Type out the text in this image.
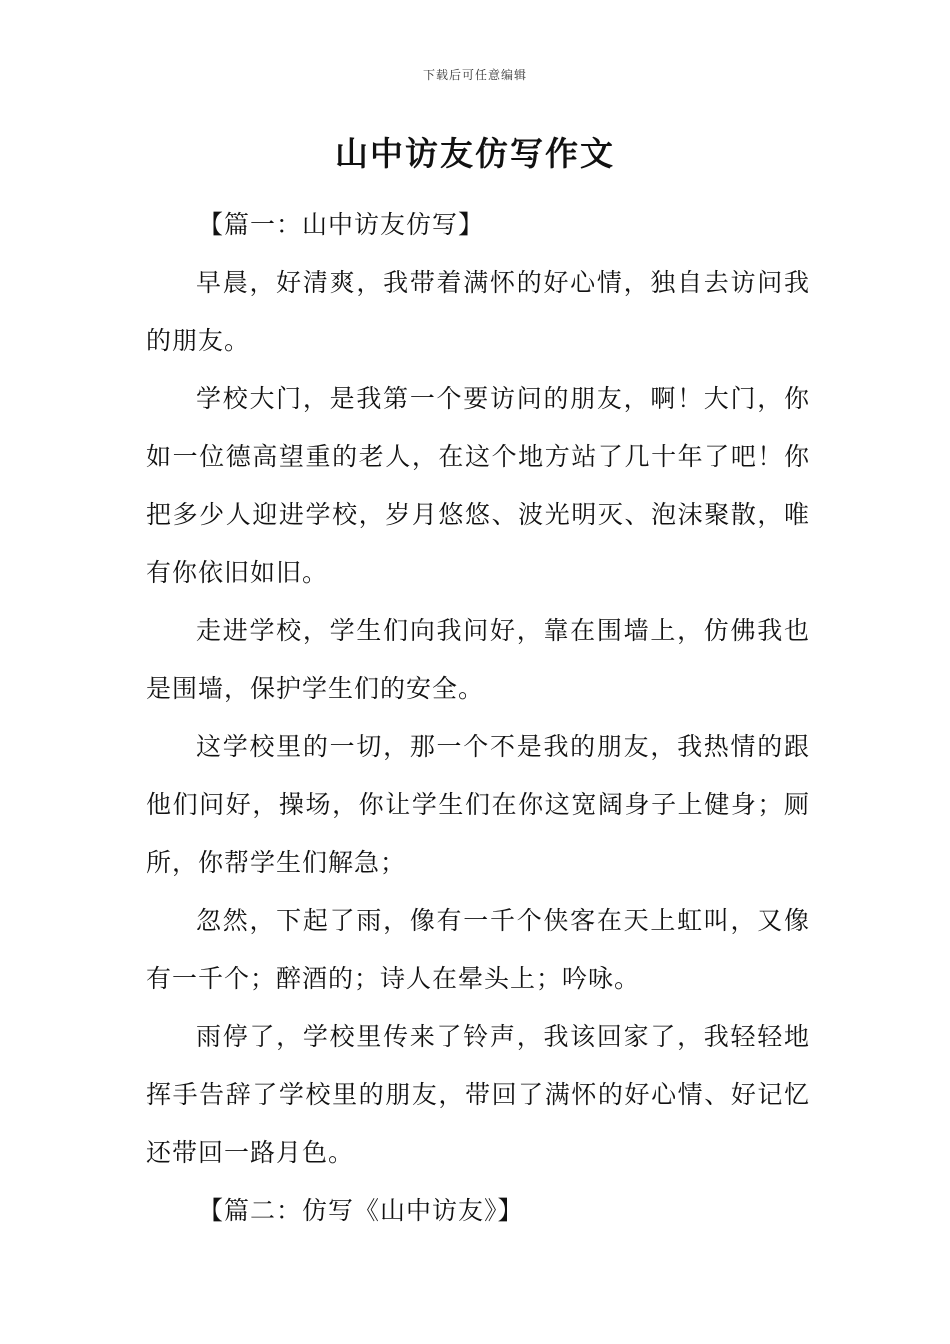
下载后可任意编辑
山中访友仿写作文

【篇一：山中访友仿写】

早晨，好清爽，我带着满怀的好心情，独自去访问我的朋友。

学校大门，是我第一个要访问的朋友，啊！大门，你如一位德高望重的老人，在这个地方站了几十年了吧！你把多少人迎进学校，岁月悠悠、波光明灭、泡沫聚散，唯有你依旧如旧。

走进学校，学生们向我问好，靠在围墙上，仿佛我也是围墙，保护学生们的安全。

这学校里的一切，那一个不是我的朋友，我热情的跟他们问好，操场，你让学生们在你这宽阔身子上健身；厕所，你帮学生们解急；

忽然，下起了雨，像有一千个侠客在天上虹叫，又像有一千个；醉酒的；诗人在晕头上；吟咏。

雨停了，学校里传来了铃声，我该回家了，我轻轻地挥手告辞了学校里的朋友，带回了满怀的好心情、好记忆还带回一路月色。

【篇二：仿写《山中访友》】
